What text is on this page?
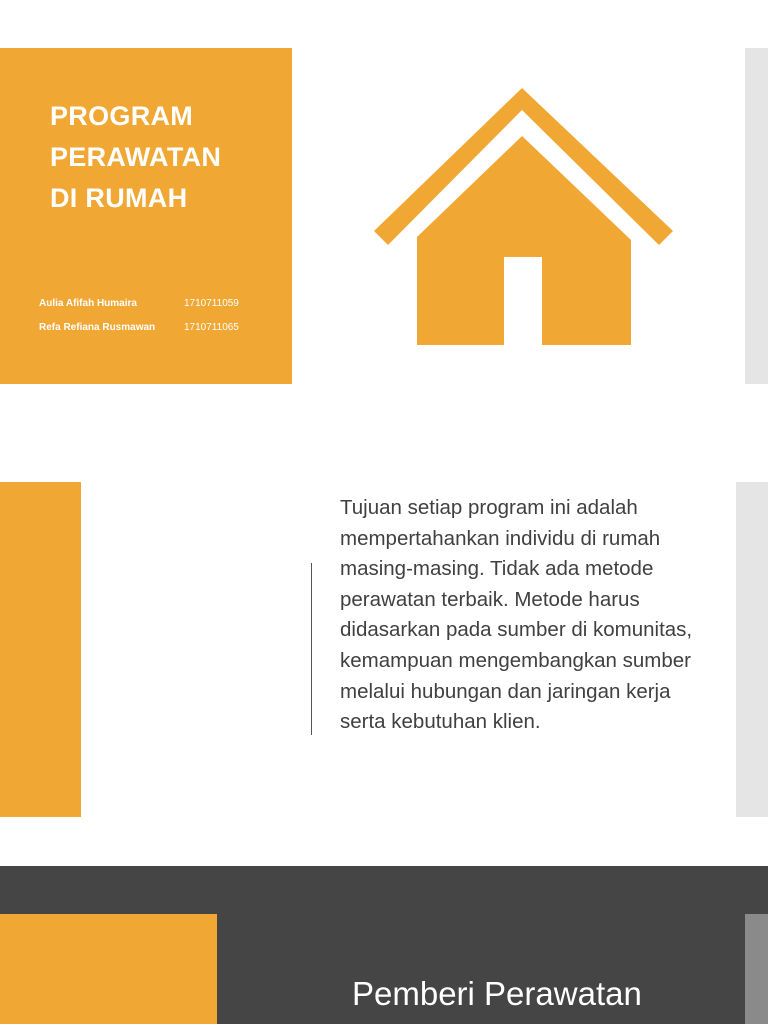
PROGRAM
PERAWATAN
DI RUMAH
Aulia Afifah Humaira	1710711059
Refa Refiana Rusmawan	1710711065
Tujuan setiap program ini adalah mempertahankan individu di rumah masing-masing. Tidak ada metode perawatan terbaik. Metode harus didasarkan pada sumber di komunitas, kemampuan mengembangkan sumber melalui hubungan dan jaringan kerja serta kebutuhan klien.
Pemberi Perawatan
